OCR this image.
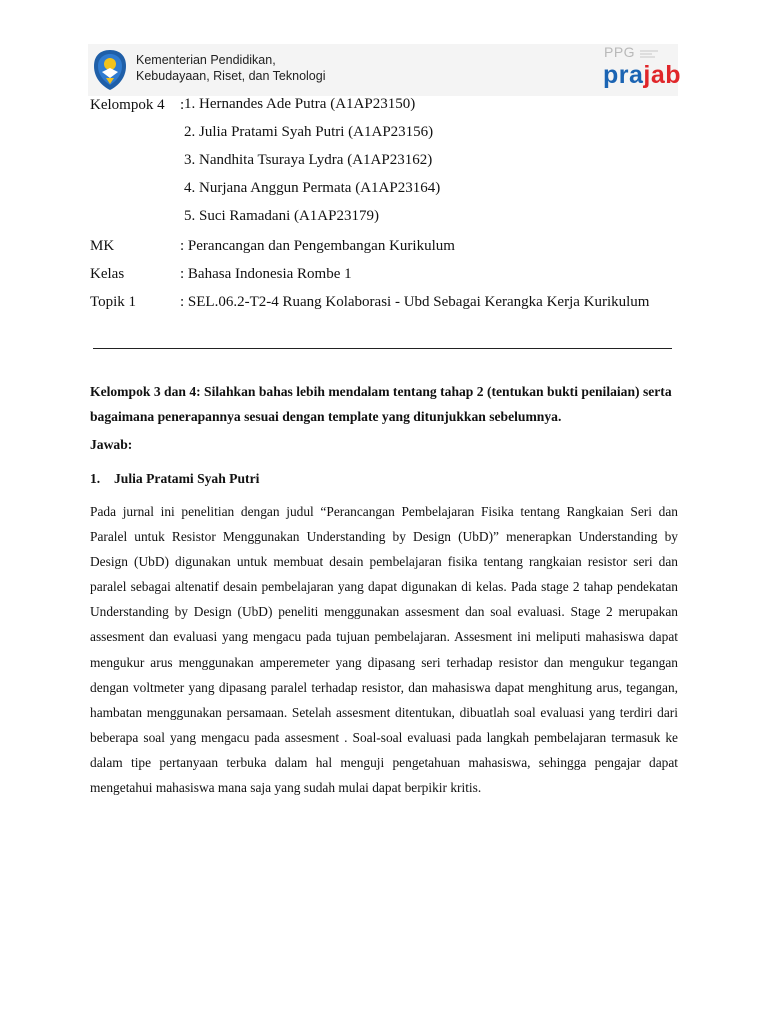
Kementerian Pendidikan,
Kebudayaan, Riset, dan Teknologi
PPG
prajab
Kelompok 4 : 1. Hernandes Ade Putra (A1AP23150)
2. Julia Pratami Syah Putri (A1AP23156)
3. Nandhita Tsuraya Lydra (A1AP23162)
4. Nurjana Anggun Permata (A1AP23164)
5. Suci Ramadani (A1AP23179)
MK	: Perancangan dan Pengembangan Kurikulum
Kelas	: Bahasa Indonesia Rombe 1
Topik 1	: SEL.06.2-T2-4 Ruang Kolaborasi - Ubd Sebagai Kerangka Kerja Kurikulum
Kelompok 3 dan 4: Silahkan bahas lebih mendalam tentang tahap 2 (tentukan bukti penilaian) serta bagaimana penerapannya sesuai dengan template yang ditunjukkan sebelumnya.
Jawab:
1. Julia Pratami Syah Putri
Pada jurnal ini penelitian dengan judul “Perancangan Pembelajaran Fisika tentang Rangkaian Seri dan Paralel untuk Resistor Menggunakan Understanding by Design (UbD)” menerapkan Understanding by Design (UbD) digunakan untuk membuat desain pembelajaran fisika tentang rangkaian resistor seri dan paralel sebagai altenatif desain pembelajaran yang dapat digunakan di kelas. Pada stage 2 tahap pendekatan Understanding by Design (UbD) peneliti menggunakan assesment dan soal evaluasi. Stage 2 merupakan assesment dan evaluasi yang mengacu pada tujuan pembelajaran. Assesment ini meliputi mahasiswa dapat mengukur arus menggunakan amperemeter yang dipasang seri terhadap resistor dan mengukur tegangan dengan voltmeter yang dipasang paralel terhadap resistor, dan mahasiswa dapat menghitung arus, tegangan, hambatan menggunakan persamaan. Setelah assesment ditentukan, dibuatlah soal evaluasi yang terdiri dari beberapa soal yang mengacu pada assesment . Soal-soal evaluasi pada langkah pembelajaran termasuk ke dalam tipe pertanyaan terbuka dalam hal menguji pengetahuan mahasiswa, sehingga pengajar dapat mengetahui mahasiswa mana saja yang sudah mulai dapat berpikir kritis.
